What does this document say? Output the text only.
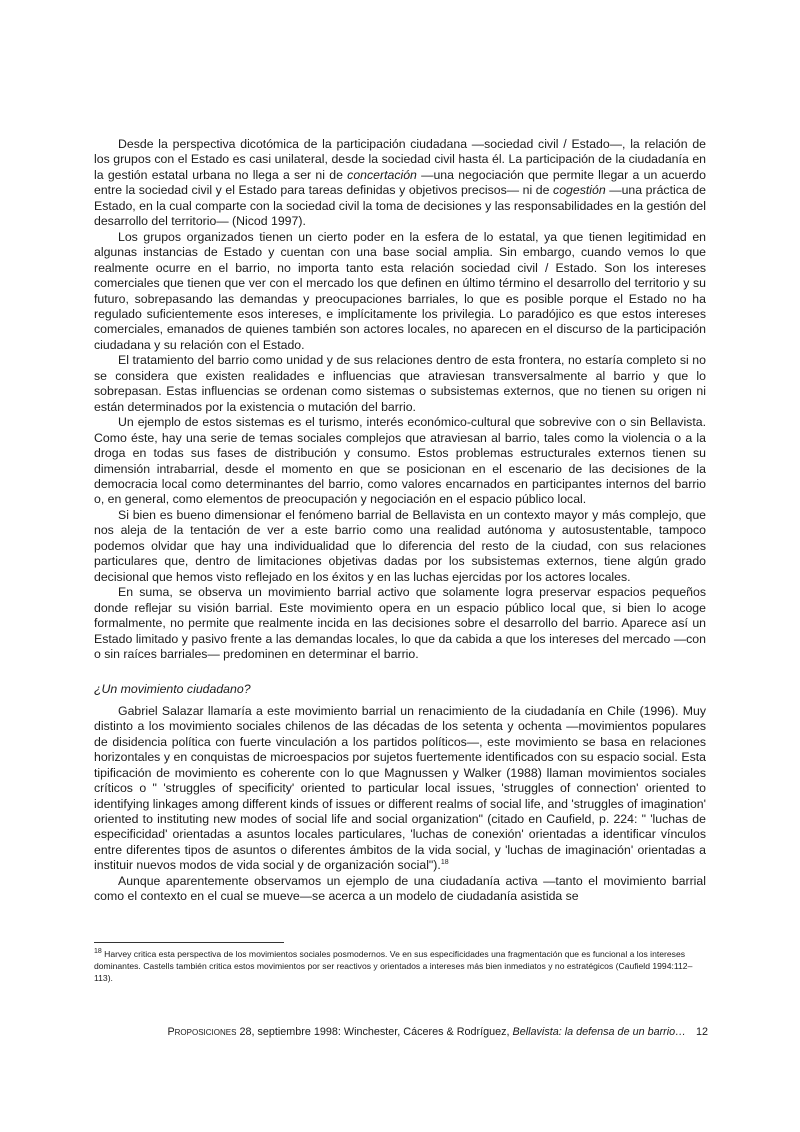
Desde la perspectiva dicotómica de la participación ciudadana —sociedad civil / Estado—, la relación de los grupos con el Estado es casi unilateral, desde la sociedad civil hasta él. La participación de la ciudadanía en la gestión estatal urbana no llega a ser ni de concertación —una negociación que permite llegar a un acuerdo entre la sociedad civil y el Estado para tareas definidas y objetivos precisos— ni de cogestión —una práctica de Estado, en la cual comparte con la sociedad civil la toma de decisiones y las responsabilidades en la gestión del desarrollo del territorio— (Nicod 1997).

Los grupos organizados tienen un cierto poder en la esfera de lo estatal, ya que tienen legitimidad en algunas instancias de Estado y cuentan con una base social amplia. Sin embargo, cuando vemos lo que realmente ocurre en el barrio, no importa tanto esta relación sociedad civil / Estado. Son los intereses comerciales que tienen que ver con el mercado los que definen en último término el desarrollo del territorio y su futuro, sobrepasando las demandas y preocupaciones barriales, lo que es posible porque el Estado no ha regulado suficientemente esos intereses, e implícitamente los privilegia. Lo paradójico es que estos intereses comerciales, emanados de quienes también son actores locales, no aparecen en el discurso de la participación ciudadana y su relación con el Estado.

El tratamiento del barrio como unidad y de sus relaciones dentro de esta frontera, no estaría completo si no se considera que existen realidades e influencias que atraviesan transversalmente al barrio y que lo sobrepasan. Estas influencias se ordenan como sistemas o subsistemas externos, que no tienen su origen ni están determinados por la existencia o mutación del barrio.

Un ejemplo de estos sistemas es el turismo, interés económico-cultural que sobrevive con o sin Bellavista. Como éste, hay una serie de temas sociales complejos que atraviesan al barrio, tales como la violencia o a la droga en todas sus fases de distribución y consumo. Estos problemas estructurales externos tienen su dimensión intrabarrial, desde el momento en que se posicionan en el escenario de las decisiones de la democracia local como determinantes del barrio, como valores encarnados en participantes internos del barrio o, en general, como elementos de preocupación y negociación en el espacio público local.

Si bien es bueno dimensionar el fenómeno barrial de Bellavista en un contexto mayor y más complejo, que nos aleja de la tentación de ver a este barrio como una realidad autónoma y autosustentable, tampoco podemos olvidar que hay una individualidad que lo diferencia del resto de la ciudad, con sus relaciones particulares que, dentro de limitaciones objetivas dadas por los subsistemas externos, tiene algún grado decisional que hemos visto reflejado en los éxitos y en las luchas ejercidas por los actores locales.

En suma, se observa un movimiento barrial activo que solamente logra preservar espacios pequeños donde reflejar su visión barrial. Este movimiento opera en un espacio público local que, si bien lo acoge formalmente, no permite que realmente incida en las decisiones sobre el desarrollo del barrio. Aparece así un Estado limitado y pasivo frente a las demandas locales, lo que da cabida a que los intereses del mercado —con o sin raíces barriales— predominen en determinar el barrio.

¿Un movimiento ciudadano?

Gabriel Salazar llamaría a este movimiento barrial un renacimiento de la ciudadanía en Chile (1996). Muy distinto a los movimiento sociales chilenos de las décadas de los setenta y ochenta —movimientos populares de disidencia política con fuerte vinculación a los partidos políticos—, este movimiento se basa en relaciones horizontales y en conquistas de microespacios por sujetos fuertemente identificados con su espacio social. Esta tipificación de movimiento es coherente con lo que Magnussen y Walker (1988) llaman movimientos sociales críticos o " 'struggles of specificity' oriented to particular local issues, 'struggles of connection' oriented to identifying linkages among different kinds of issues or different realms of social life, and 'struggles of imagination' oriented to instituting new modes of social life and social organization" (citado en Caufield, p. 224: " 'luchas de especificidad' orientadas a asuntos locales particulares, 'luchas de conexión' orientadas a identificar vínculos entre diferentes tipos de asuntos o diferentes ámbitos de la vida social, y 'luchas de imaginación' orientadas a instituir nuevos modos de vida social y de organización social").$^{18}$

Aunque aparentemente observamos un ejemplo de una ciudadanía activa —tanto el movimiento barrial como el contexto en el cual se mueve—se acerca a un modelo de ciudadanía asistida se

$^{18}$ Harvey critica esta perspectiva de los movimientos sociales posmodernos. Ve en sus especificidades una fragmentación que es funcional a los intereses dominantes. Castells también critica estos movimientos por ser reactivos y orientados a intereses más bien inmediatos y no estratégicos (Caufield 1994:112–113).
Proposiciones 28, septiembre 1998: Winchester, Cáceres & Rodríguez, Bellavista: la defensa de un barrio… 12
